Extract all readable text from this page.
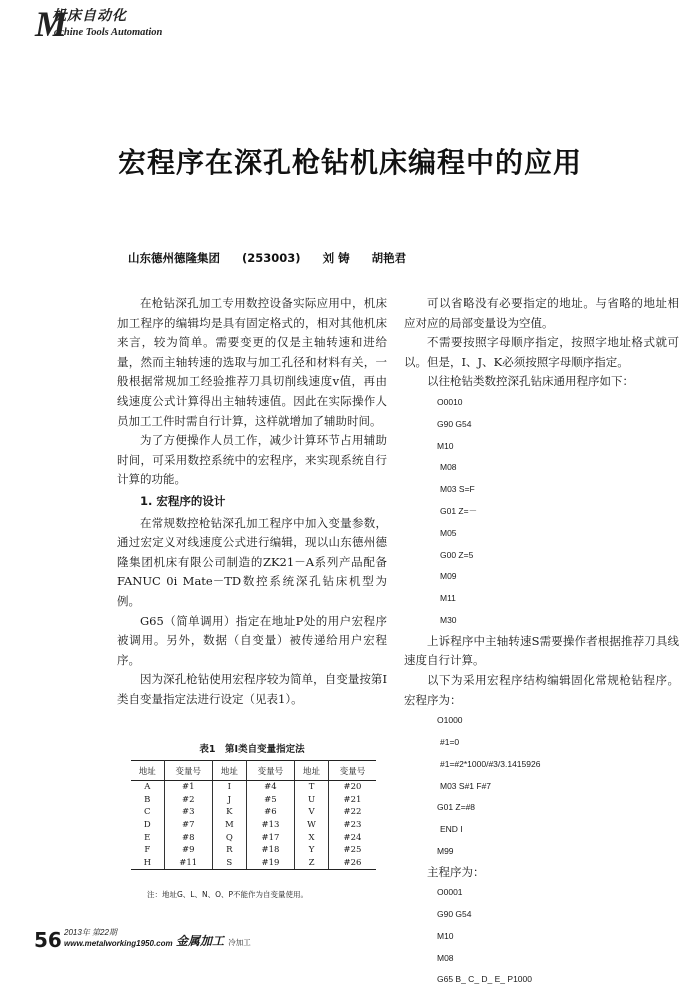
M
机床自动化
achine Tools Automation
宏程序在深孔枪钻机床编程中的应用
山东德州德隆集团 (253003) 刘 铸 胡艳君

在枪钻深孔加工专用数控设备实际应用中，机床加工程序的编辑均是具有固定格式的，相对其他机床来言，较为简单。需要变更的仅是主轴转速和进给量，然而主轴转速的选取与加工孔径和材料有关，一般根据常规加工经验推荐刀具切削线速度v值，再由线速度公式计算得出主轴转速值。因此在实际操作人员加工工件时需自行计算，这样就增加了辅助时间。

为了方便操作人员工作，减少计算环节占用辅助时间，可采用数控系统中的宏程序，来实现系统自行计算的功能。

1. 宏程序的设计

在常规数控枪钻深孔加工程序中加入变量参数，通过宏定义对线速度公式进行编辑，现以山东德州德隆集团机床有限公司制造的ZK21－A系列产品配备FANUC 0i Mate－TD数控系统深孔钻床机型为例。

G65（简单调用）指定在地址P处的用户宏程序被调用。另外，数据（自变量）被传递给用户宏程序。

因为深孔枪钻使用宏程序较为简单，自变量按第Ⅰ类自变量指定法进行设定（见表1）。

表1　第Ⅰ类自变量指定法
地址	变量号	地址	变量号	地址	变量号
A	#1	I	#4	T	#20
B	#2	J	#5	U	#21
C	#3	K	#6	V	#22
D	#7	M	#13	W	#23
E	#8	Q	#17	X	#24
F	#9	R	#18	Y	#25
H	#11	S	#19	Z	#26
注：地址G、L、N、O、P不能作为自变量使用。

可以省略没有必要指定的地址。与省略的地址相应对应的局部变量设为空值。

不需要按照字母顺序指定，按照字地址格式就可以。但是，I、J、K必须按照字母顺序指定。

以往枪钻类数控深孔钻床通用程序如下：

O0010
G90 G54
M10
M08
M03 S=F
G01 Z=－
M05
G00 Z=5
M09
M11
M30

上诉程序中主轴转速S需要操作者根据推荐刀具线速度自行计算。

以下为采用宏程序结构编辑固化常规枪钻程序。宏程序为：

O1000
#1=0
#1=#2*1000/#3/3.1415926
M03 S#1 F#7
G01 Z=#8
END I
M99

主程序为：

O0001
G90 G54
M10
M08
G65 B_ C_ D_ E_ P1000
56 2013年 第22期
www.metalworking1950.com 金属加工 冷加工
